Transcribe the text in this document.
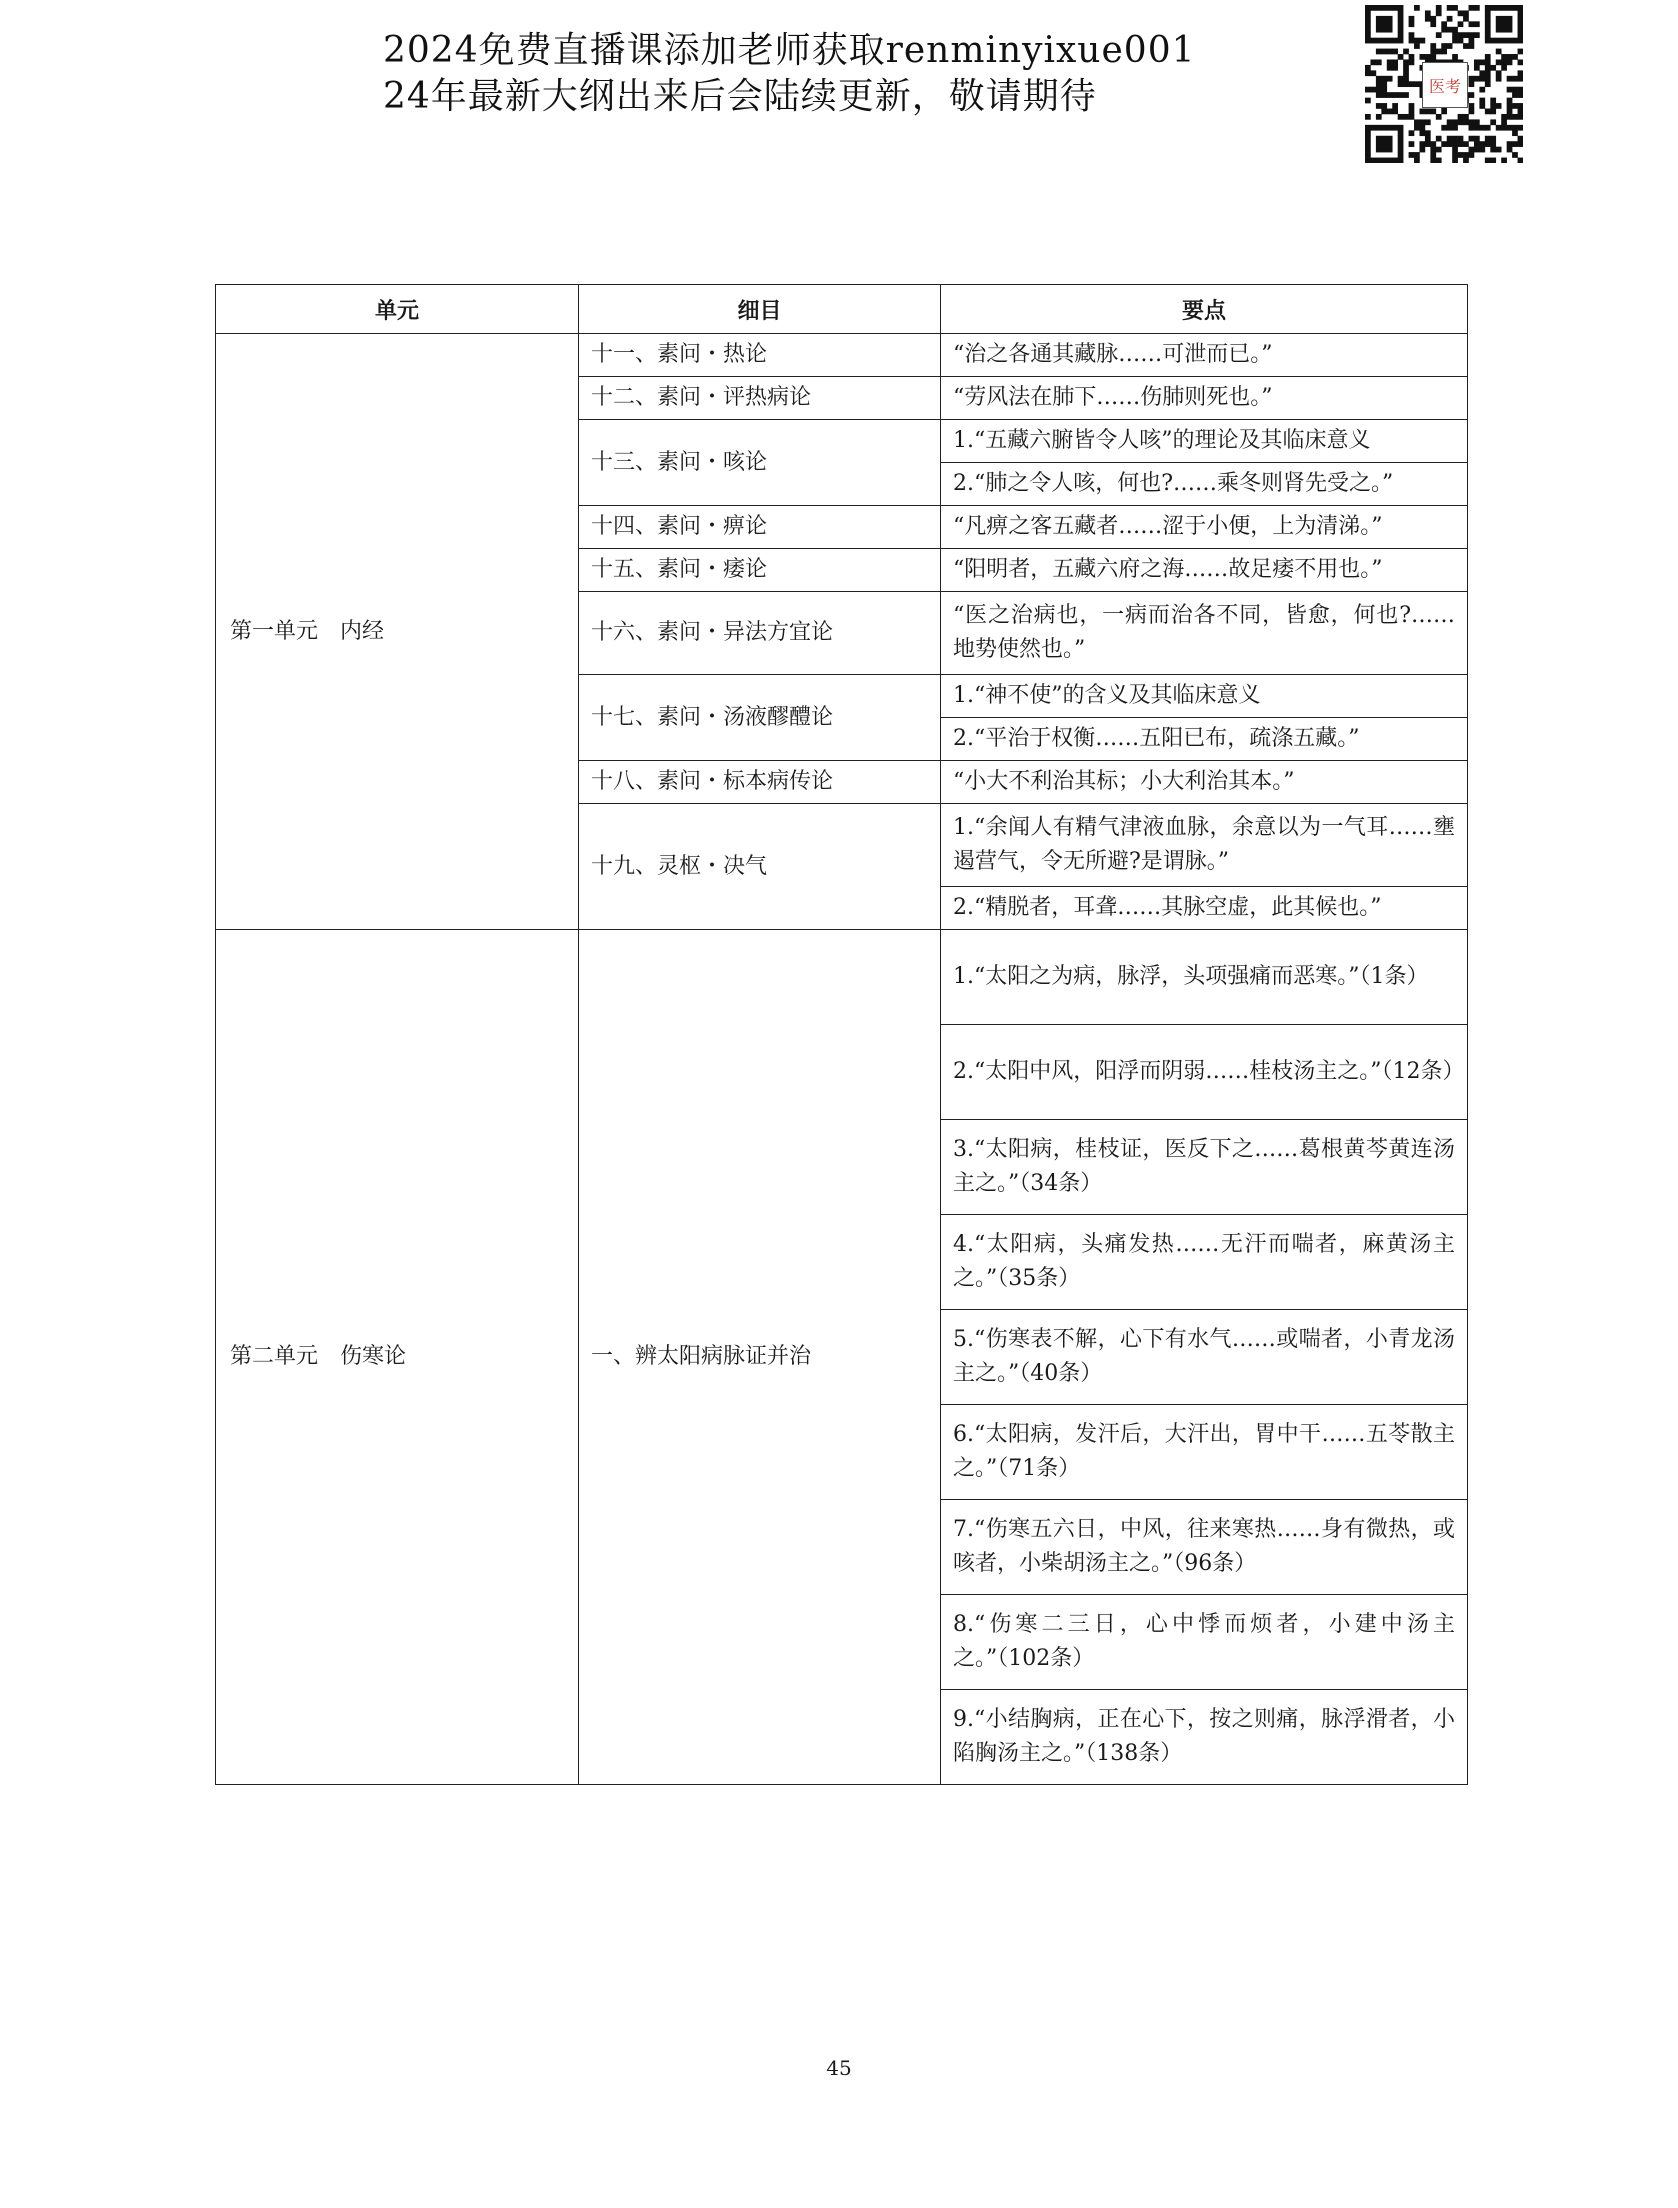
2024免费直播课添加老师获取renminyixue001
24年最新大纲出来后会陆续更新，敬请期待	医考
单元	细目	要点
第一单元　内经	十一、素问・热论	“治之各通其藏脉……可泄而已。”
	十二、素问・评热病论	“劳风法在肺下……伤肺则死也。”
	十三、素问・咳论	1.“五藏六腑皆令人咳”的理论及其临床意义
		2.“肺之令人咳，何也?……乘冬则肾先受之。”
	十四、素问・痹论	“凡痹之客五藏者……涩于小便，上为清涕。”
	十五、素问・痿论	“阳明者，五藏六府之海……故足痿不用也。”
	十六、素问・异法方宜论	“医之治病也，一病而治各不同，皆愈，何也?……地势使然也。”
	十七、素问・汤液醪醴论	1.“神不使”的含义及其临床意义
		2.“平治于权衡……五阳已布，疏涤五藏。”
	十八、素问・标本病传论	“小大不利治其标；小大利治其本。”
	十九、灵枢・决气	1.“余闻人有精气津液血脉，余意以为一气耳……壅遏营气，令无所避?是谓脉。”
		2.“精脱者，耳聋……其脉空虚，此其候也。”
第二单元　伤寒论	一、辨太阳病脉证并治	1.“太阳之为病，脉浮，头项强痛而恶寒。”（1条）
		2.“太阳中风，阳浮而阴弱……桂枝汤主之。”（12条）
		3.“太阳病，桂枝证，医反下之……葛根黄芩黄连汤主之。”（34条）
		4.“太阳病，头痛发热……无汗而喘者，麻黄汤主之。”（35条）
		5.“伤寒表不解，心下有水气……或喘者，小青龙汤主之。”（40条）
		6.“太阳病，发汗后，大汗出，胃中干……五苓散主之。”（71条）
		7.“伤寒五六日，中风，往来寒热……身有微热，或咳者，小柴胡汤主之。”（96条）
		8.“伤寒二三日，心中悸而烦者，小建中汤主之。”（102条）
		9.“小结胸病，正在心下，按之则痛，脉浮滑者，小陷胸汤主之。”（138条）
45
